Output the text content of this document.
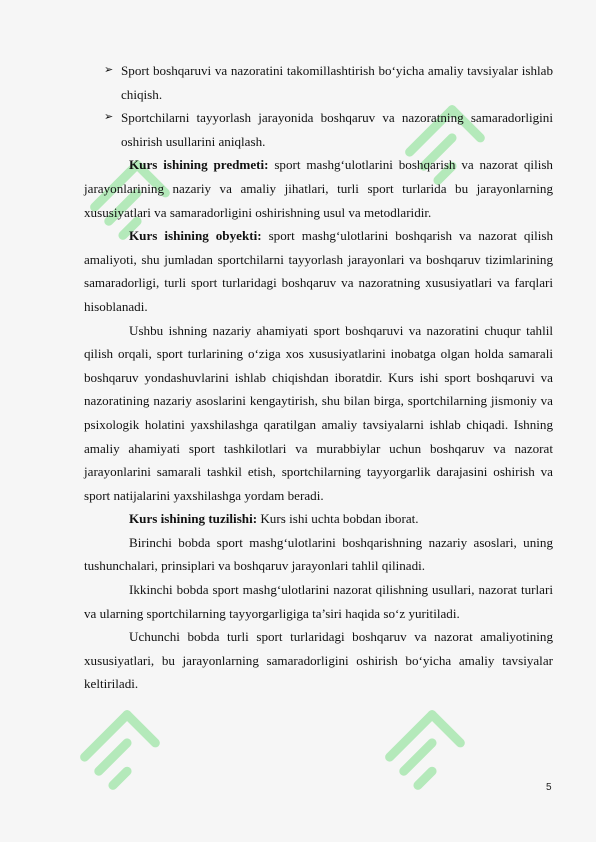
➢ Sport boshqaruvi va nazoratini takomillashtirish bo‘yicha amaliy tavsiyalar ishlab chiqish.

➢ Sportchilarni tayyorlash jarayonida boshqaruv va nazoratning samaradorligini oshirish usullarini aniqlash.

Kurs ishining predmeti: sport mashg‘ulotlarini boshqarish va nazorat qilish jarayonlarining nazariy va amaliy jihatlari, turli sport turlarida bu jarayonlarning xususiyatlari va samaradorligini oshirishning usul va metodlaridir.

Kurs ishining obyekti: sport mashg‘ulotlarini boshqarish va nazorat qilish amaliyoti, shu jumladan sportchilarni tayyorlash jarayonlari va boshqaruv tizimlarining samaradorligi, turli sport turlaridagi boshqaruv va nazoratning xususiyatlari va farqlari hisoblanadi.

Ushbu ishning nazariy ahamiyati sport boshqaruvi va nazoratini chuqur tahlil qilish orqali, sport turlarining o‘ziga xos xususiyatlarini inobatga olgan holda samarali boshqaruv yondashuvlarini ishlab chiqishdan iboratdir. Kurs ishi sport boshqaruvi va nazoratining nazariy asoslarini kengaytirish, shu bilan birga, sportchilarning jismoniy va psixologik holatini yaxshilashga qaratilgan amaliy tavsiyalarni ishlab chiqadi. Ishning amaliy ahamiyati sport tashkilotlari va murabbiylar uchun boshqaruv va nazorat jarayonlarini samarali tashkil etish, sportchilarning tayyorgarlik darajasini oshirish va sport natijalarini yaxshilashga yordam beradi.

Kurs ishining tuzilishi: Kurs ishi uchta bobdan iborat.

Birinchi bobda sport mashg‘ulotlarini boshqarishning nazariy asoslari, uning tushunchalari, prinsiplari va boshqaruv jarayonlari tahlil qilinadi.

Ikkinchi bobda sport mashg‘ulotlarini nazorat qilishning usullari, nazorat turlari va ularning sportchilarning tayyorgarligiga ta’siri haqida so‘z yuritiladi.

Uchunchi bobda turli sport turlaridagi boshqaruv va nazorat amaliyotining xususiyatlari, bu jarayonlarning samaradorligini oshirish bo‘yicha amaliy tavsiyalar keltiriladi.

5
